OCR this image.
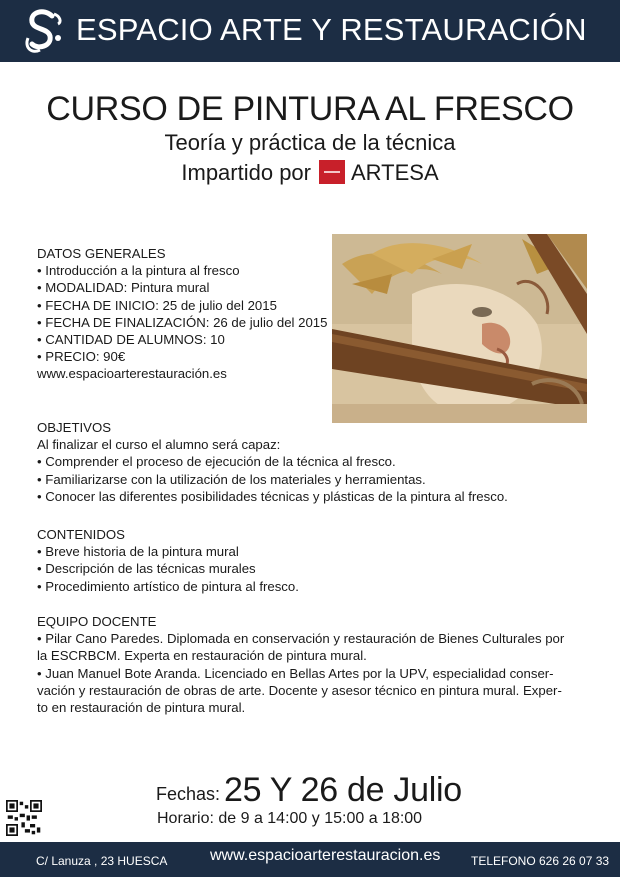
ESPACIO ARTE Y RESTAURACIÓN
CURSO DE PINTURA AL FRESCO
Teoría y práctica de la técnica
Impartido por ARTESA
DATOS GENERALES
• Introducción a la pintura al fresco
• MODALIDAD: Pintura mural
• FECHA DE INICIO: 25 de julio del 2015
• FECHA DE FINALIZACIÓN: 26 de julio del 2015
• CANTIDAD DE ALUMNOS: 10
• PRECIO: 90€
www.espacioarterestauración.es
OBJETIVOS
Al finalizar el curso el alumno será capaz:
• Comprender el proceso de ejecución de la técnica al fresco.
• Familiarizarse con la utilización de los materiales y herramientas.
• Conocer las diferentes posibilidades técnicas y plásticas de la pintura al fresco.
CONTENIDOS
• Breve historia de la pintura mural
• Descripción de las técnicas murales
• Procedimiento artístico de pintura al fresco.
EQUIPO DOCENTE
• Pilar Cano Paredes. Diplomada en conservación y restauración de Bienes Culturales por
la ESCRBCM. Experta en restauración de pintura mural.
• Juan Manuel Bote Aranda. Licenciado en Bellas Artes por la UPV, especialidad conser-
vación y restauración de obras de arte. Docente y asesor técnico en pintura mural. Exper-
to en restauración de pintura mural.
Fechas: 25 Y 26 de Julio
Horario: de 9 a 14:00 y 15:00 a 18:00
C/ Lanuza , 23 HUESCA	www.espacioarterestauracion.es	TELEFONO 626 26 07 33
